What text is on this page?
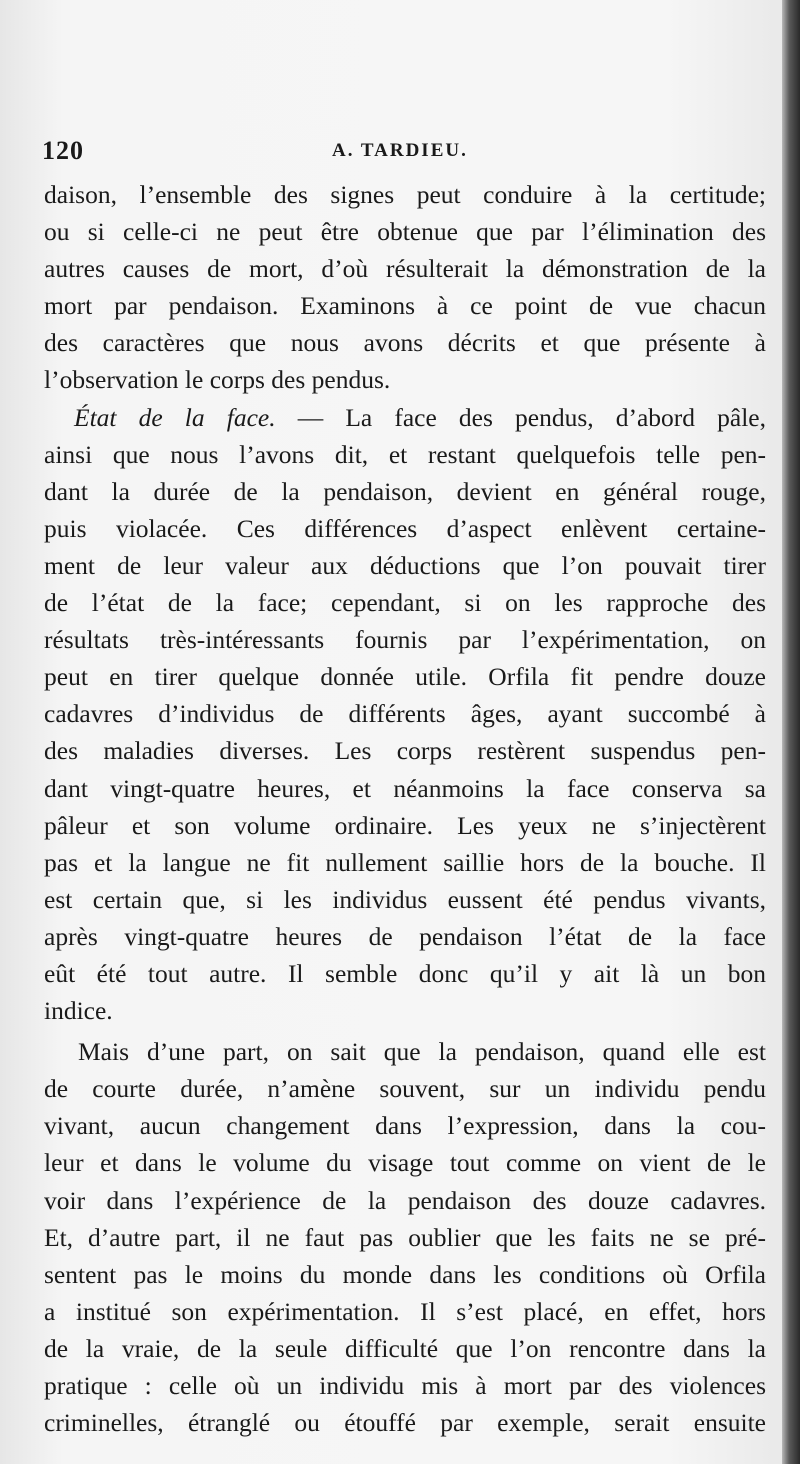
120	A. TARDIEU.
daison, l’ensemble des signes peut conduire à la certitude;
ou si celle-ci ne peut être obtenue que par l’élimination des
autres causes de mort, d’où résulterait la démonstration de la
mort par pendaison. Examinons à ce point de vue chacun
des caractères que nous avons décrits et que présente à
l’observation le corps des pendus.
État de la face. — La face des pendus, d’abord pâle,
ainsi que nous l’avons dit, et restant quelquefois telle pen-
dant la durée de la pendaison, devient en général rouge,
puis violacée. Ces différences d’aspect enlèvent certaine-
ment de leur valeur aux déductions que l’on pouvait tirer
de l’état de la face; cependant, si on les rapproche des
résultats très-intéressants fournis par l’expérimentation, on
peut en tirer quelque donnée utile. Orfila fit pendre douze
cadavres d’individus de différents âges, ayant succombé à
des maladies diverses. Les corps restèrent suspendus pen-
dant vingt-quatre heures, et néanmoins la face conserva sa
pâleur et son volume ordinaire. Les yeux ne s’injectèrent
pas et la langue ne fit nullement saillie hors de la bouche. Il
est certain que, si les individus eussent été pendus vivants,
après vingt-quatre heures de pendaison l’état de la face
eût été tout autre. Il semble donc qu’il y ait là un bon
indice.
Mais d’une part, on sait que la pendaison, quand elle est
de courte durée, n’amène souvent, sur un individu pendu
vivant, aucun changement dans l’expression, dans la cou-
leur et dans le volume du visage tout comme on vient de le
voir dans l’expérience de la pendaison des douze cadavres.
Et, d’autre part, il ne faut pas oublier que les faits ne se pré-
sentent pas le moins du monde dans les conditions où Orfila
a institué son expérimentation. Il s’est placé, en effet, hors
de la vraie, de la seule difficulté que l’on rencontre dans la
pratique : celle où un individu mis à mort par des violences
criminelles, étranglé ou étouffé par exemple, serait ensuite
